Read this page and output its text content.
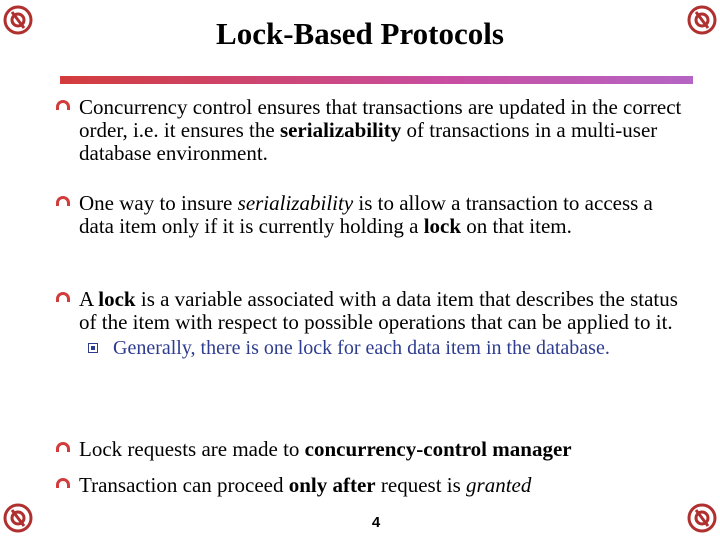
Lock-Based Protocols
Concurrency control ensures that transactions are updated in the correct order, i.e. it ensures the serializability of transactions in a multi-user database environment.
One way to insure serializability is to allow a transaction to access a data item only if it is currently holding a lock on that item.
A lock is a variable associated with a data item that describes the status of the item with respect to possible operations that can be applied to it.
Generally, there is one lock for each data item in the database.
Lock requests are made to concurrency-control manager
Transaction can proceed only after request is granted
4
